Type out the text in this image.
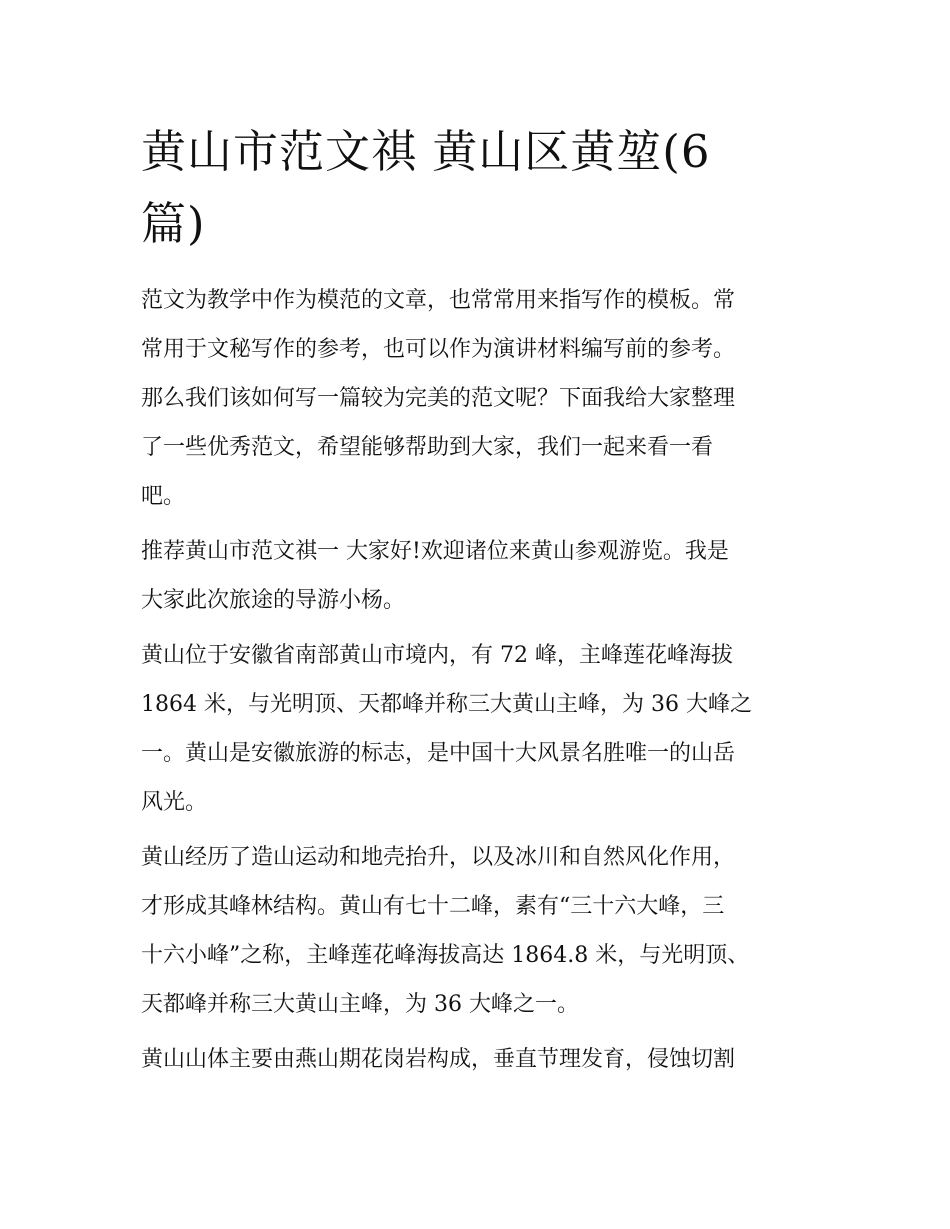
黄山市范文祺 黄山区黄堃(6
篇)

范文为教学中作为模范的文章，也常常用来指写作的模板。常
常用于文秘写作的参考，也可以作为演讲材料编写前的参考。
那么我们该如何写一篇较为完美的范文呢？下面我给大家整理
了一些优秀范文，希望能够帮助到大家，我们一起来看一看
吧。

推荐黄山市范文祺一 大家好!欢迎诸位来黄山参观游览。我是
大家此次旅途的导游小杨。

黄山位于安徽省南部黄山市境内，有 72 峰，主峰莲花峰海拔
1864 米，与光明顶、天都峰并称三大黄山主峰，为 36 大峰之
一。黄山是安徽旅游的标志，是中国十大风景名胜唯一的山岳
风光。

黄山经历了造山运动和地壳抬升，以及冰川和自然风化作用，
才形成其峰林结构。黄山有七十二峰，素有“三十六大峰，三
十六小峰”之称，主峰莲花峰海拔高达 1864.8 米，与光明顶、
天都峰并称三大黄山主峰，为 36 大峰之一。

黄山山体主要由燕山期花岗岩构成，垂直节理发育，侵蚀切割
